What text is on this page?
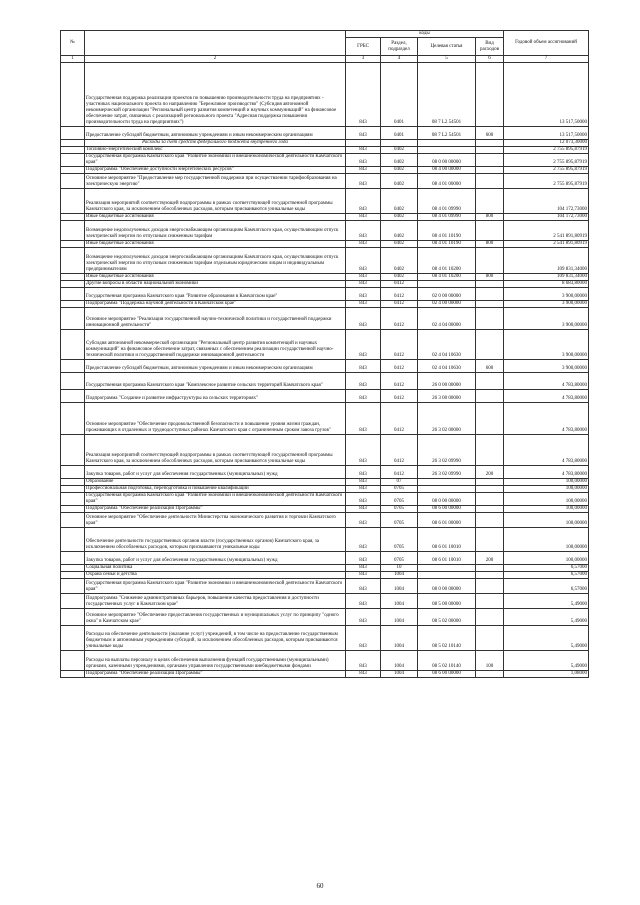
№		коды				Годовой объем ассигнований
		ГРБС	Раздел, подраздел	Целевая статья	Вид расходов	
1	2	3	4	5	6	7
	Государственная поддержка реализации проектов по повышению производительности труда на предприятиях - участниках национального проекта по направлению "Бережливое производство" (Субсидия автономной некоммерческой организации "Региональный центр развития компетенций и научных коммуникаций" на финансовое обеспечение затрат, связанных с реализацией регионального проекта "Адресная поддержка повышения производительности труда на предприятиях")	843	0401	08 7 L2 54501		13 517,50000
	Предоставление субсидий бюджетным, автономным учреждениям и иным некоммерческим организациям	843	0401	08 7 L2 54501	600	13 517,50000
	Расходы за счет средств федерального бюджета внутреннего года					12 073,30000
	Топливно-энергетический комплекс	843	0402			2 755 895,87919
	Государственная программа Камчатского края "Развитие экономики и внешнеэкономической деятельности Камчатского края"	843	0402	08 0 00 00000		2 755 895,87919
	Подпрограмма "Обеспечение доступности энергетических ресурсов"	843	0402	08 4 00 00000		2 755 895,87919
	Основное мероприятие "Предоставление мер государственной поддержки при осуществлении тарифообразования на электрическую энергию"	843	0402	08 4 01 00000		2 755 895,87919
	Реализация мероприятий соответствующей подпрограммы в рамках соответствующей государственной программы Камчатского края, за исключением обособленных расходов, которым присваиваются уникальные коды	843	0402	08 4 01 09990		104 172,73000
	Иные бюджетные ассигнования	843	0402	08 4 01 09990	800	104 172,73000
	Возмещение недополученных доходов энергоснабжающим организациям Камчатского края, осуществляющим отпуск электрической энергии по отпускным сниженным тарифам	843	0402	08 4 01 10190		2 541 891,80919
	Иные бюджетные ассигнования	843	0402	08 4 01 10190	800	2 541 891,80919
	Возмещение недополученных доходов энергоснабжающим организациям Камчатского края, осуществляющим отпуск электрической энергии по отпускным сниженным тарифам отдельным юридическим лицам и индивидуальным предпринимателям	843	0402	08 4 01 10200		109 831,34000
	Иные бюджетные ассигнования	843	0402	08 4 01 10200	800	109 831,34000
	Другие вопросы в области национальной экономики	843	0412			8 683,80000
	Государственная программа Камчатского края "Развитие образования в Камчатском крае"	843	0412	02 0 00 00000		3 900,00000
	Подпрограмма "Поддержка научной деятельности в Камчатском крае"	843	0412	02 4 00 00000		3 900,00000
	Основное мероприятие "Реализация государственной научно-технической политики и государственной поддержки инновационной деятельности"	843	0412	02 4 04 00000		3 900,00000
	Субсидия автономной некоммерческой организации "Региональный центр развития компетенций и научных коммуникаций" на финансовое обеспечение затрат, связанных с обеспечением реализации государственной научно-технической политики и государственной поддержки инновационной деятельности	843	0412	02 4 04 10630		3 900,00000
	Предоставление субсидий бюджетным, автономным учреждениям и иным некоммерческим организациям	843	0412	02 4 04 10630	600	3 900,00000
	Государственная программа Камчатского края "Комплексное развитие сельских территорий Камчатского края"	843	0412	26 0 00 00000		4 783,80000
	Подпрограмма "Создание и развитие инфраструктуры на сельских территориях"	843	0412	26 3 00 00000		4 783,80000
	Основное мероприятие "Обеспечение продовольственной безопасности и повышение уровня жизни граждан, проживающих в отдаленных и труднодоступных районах Камчатского края с ограниченным сроком завоза грузов"	843	0412	26 3 02 00000		4 783,80000
	Реализация мероприятий соответствующей подпрограммы в рамках соответствующей государственной программы Камчатского края, за исключением обособленных расходов, которым присваиваются уникальные коды	843	0412	26 3 02 09990		4 783,80000
	Закупка товаров, работ и услуг для обеспечения государственных (муниципальных) нужд	843	0412	26 3 02 09990	200	4 783,80000
	Образование	843	07			100,00000
	Профессиональная подготовка, переподготовка и повышение квалификации	843	0705			100,00000
	Государственная программа Камчатского края "Развитие экономики и внешнеэкономической деятельности Камчатского края"	843	0705	08 0 00 00000		100,00000
	Подпрограмма "Обеспечение реализации Программы"	843	0705	08 6 00 00000		100,00000
	Основное мероприятие "Обеспечение деятельности Министерства экономического развития и торговли Камчатского края"	843	0705	08 6 01 00000		100,00000
	Обеспечение деятельности государственных органов власти (государственных органов) Камчатского края, за исключением обособленных расходов, которым присваиваются уникальные коды	843	0705	08 6 01 10010		100,00000
	Закупка товаров, работ и услуг для обеспечения государственных (муниципальных) нужд	843	0705	08 6 01 10010	200	100,00000
	Социальная политика	843	10			6,57000
	Охрана семьи и детства	843	1004			6,57000
	Государственная программа Камчатского края "Развитие экономики и внешнеэкономической деятельности Камчатского края"	843	1004	08 0 00 00000		6,57000
	Подпрограмма "Снижение административных барьеров, повышение качества предоставления и доступности государственных услуг в Камчатском крае"	843	1004	08 5 00 00000		5,49000
	Основное мероприятие "Обеспечение предоставления государственных и муниципальных услуг по принципу "одного окна" в Камчатском крае"	843	1004	08 5 02 00000		5,49000
	Расходы на обеспечение деятельности (оказание услуг) учреждений, в том числе на предоставление государственным бюджетным и автономным учреждениям субсидий, за исключением обособленных расходов, которым присваиваются уникальные коды	843	1004	08 5 02 10140		5,49000
	Расходы на выплаты персоналу в целях обеспечения выполнения функций государственными (муниципальными) органами, казенными учреждениями, органами управления государственными внебюджетными фондами	843	1004	08 5 02 10140	100	5,49000
	Подпрограмма "Обеспечение реализации Программы"	843	1004	08 6 00 00000		1,08000
60
